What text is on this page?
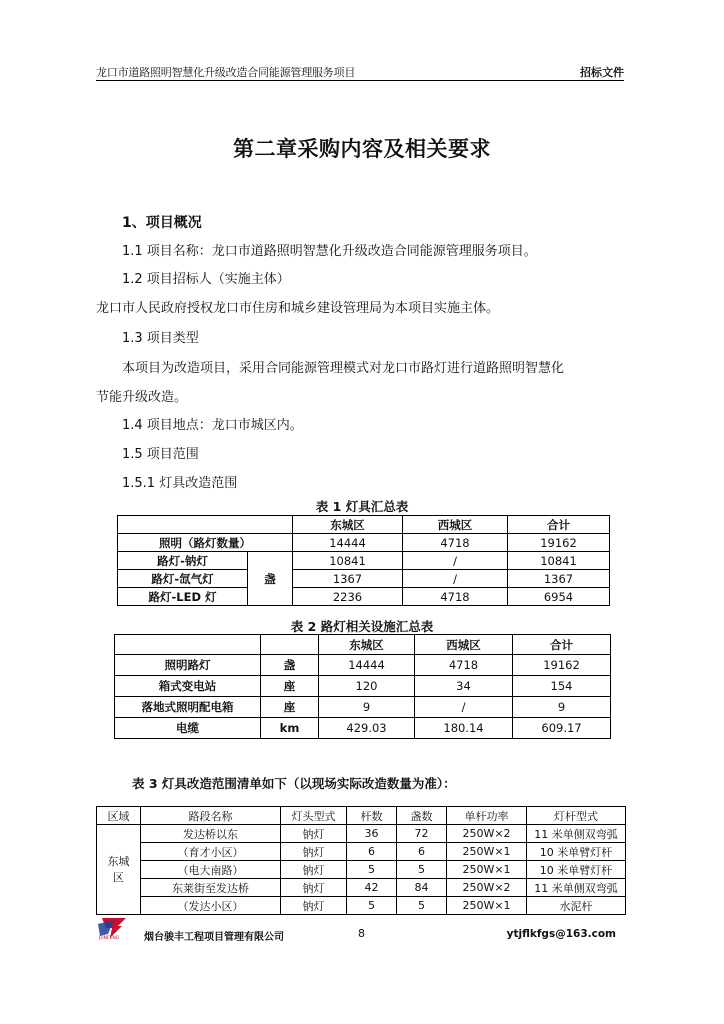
龙口市道路照明智慧化升级改造合同能源管理服务项目	招标文件
第二章采购内容及相关要求
1、项目概况
1.1 项目名称：龙口市道路照明智慧化升级改造合同能源管理服务项目。
1.2 项目招标人（实施主体）
龙口市人民政府授权龙口市住房和城乡建设管理局为本项目实施主体。
1.3 项目类型
本项目为改造项目，采用合同能源管理模式对龙口市路灯进行道路照明智慧化
节能升级改造。
1.4 项目地点：龙口市城区内。
1.5 项目范围
1.5.1 灯具改造范围
表 1 灯具汇总表
		东城区	西城区	合计
照明（路灯数量）		14444	4718	19162
路灯-钠灯	盏	10841	/	10841
路灯-氙气灯		1367	/	1367
路灯-LED 灯		2236	4718	6954
表 2 路灯相关设施汇总表
		东城区	西城区	合计
照明路灯	盏	14444	4718	19162
箱式变电站	座	120	34	154
落地式照明配电箱	座	9	/	9
电缆	km	429.03	180.14	609.17
表 3 灯具改造范围清单如下（以现场实际改造数量为准）：
区域	路段名称	灯头型式	杆数	盏数	单杆功率	灯杆型式
东城
区	发达桥以东	钠灯	36	72	250W×2	11 米单侧双弯弧
	（育才小区）	钠灯	6	6	250W×1	10 米单臂灯杆
	（电大南路）	钠灯	5	5	250W×1	10 米单臂灯杆
	东莱街至发达桥	钠灯	42	84	250W×2	11 米单侧双弯弧
	（发达小区）	钠灯	5	5	250W×1	水泥杆
JUNFENG 烟台骏丰工程项目管理有限公司	8	ytjflkfgs@163.com
